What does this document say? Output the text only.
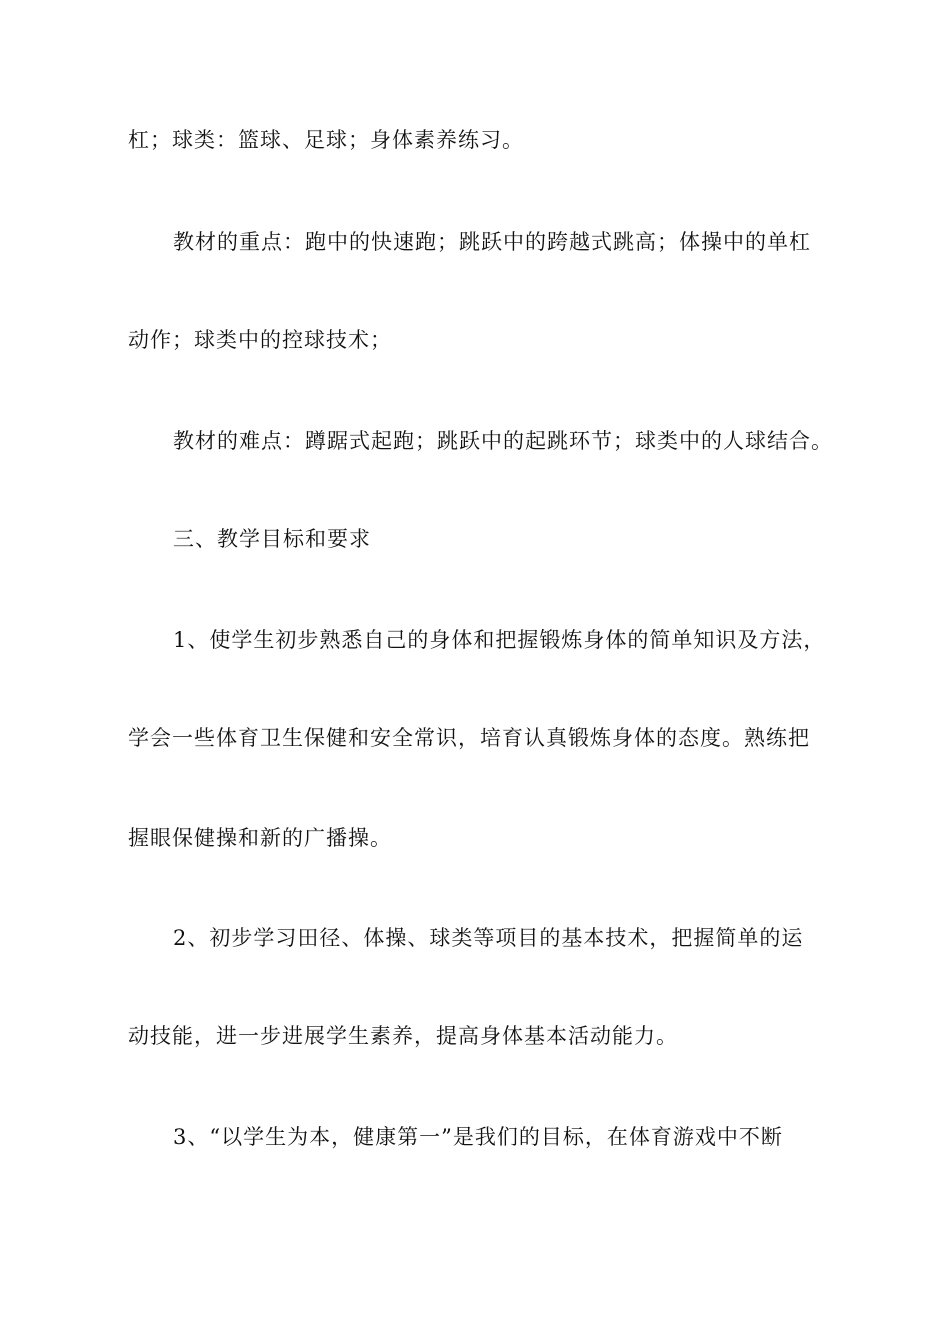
杠；球类：篮球、足球；身体素养练习。
教材的重点：跑中的快速跑；跳跃中的跨越式跳高；体操中的单杠
动作；球类中的控球技术；
教材的难点：蹲踞式起跑；跳跃中的起跳环节；球类中的人球结合。
三、教学目标和要求
1、使学生初步熟悉自己的身体和把握锻炼身体的简单知识及方法，
学会一些体育卫生保健和安全常识，培育认真锻炼身体的态度。熟练把
握眼保健操和新的广播操。
2、初步学习田径、体操、球类等项目的基本技术，把握简单的运
动技能，进一步进展学生素养，提高身体基本活动能力。
3、“以学生为本，健康第一”是我们的目标，在体育游戏中不断
